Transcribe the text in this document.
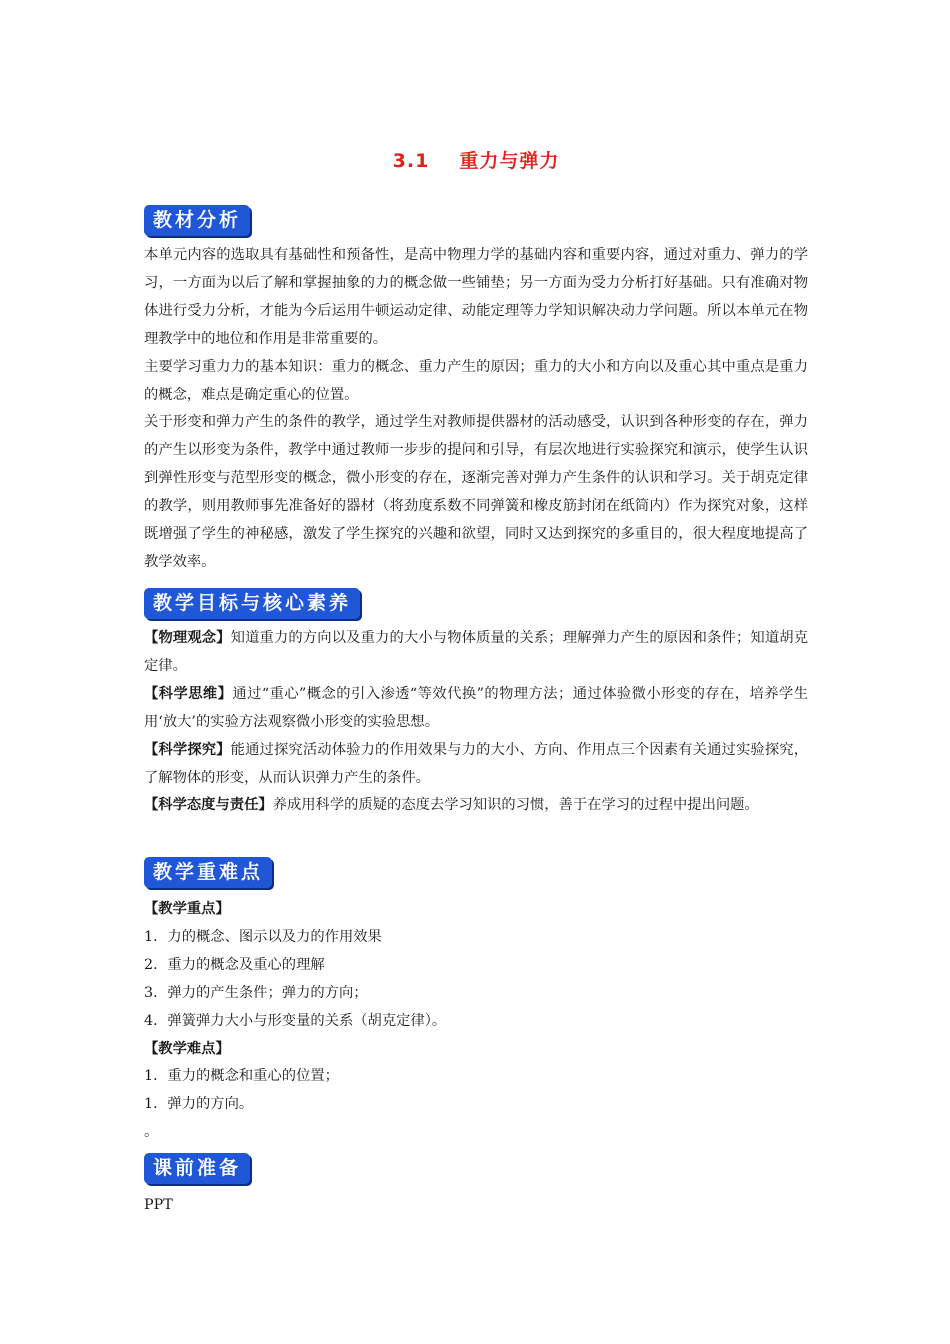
3.1 重力与弹力
教材分析

本单元内容的选取具有基础性和预备性，是高中物理力学的基础内容和重要内容，通过对重力、弹力的学习，一方面为以后了解和掌握抽象的力的概念做一些铺垫；另一方面为受力分析打好基础。只有准确对物体进行受力分析，才能为今后运用牛顿运动定律、动能定理等力学知识解决动力学问题。所以本单元在物理教学中的地位和作用是非常重要的。

主要学习重力力的基本知识：重力的概念、重力产生的原因；重力的大小和方向以及重心其中重点是重力的概念，难点是确定重心的位置。

关于形变和弹力产生的条件的教学，通过学生对教师提供器材的活动感受，认识到各种形变的存在，弹力的产生以形变为条件，教学中通过教师一步步的提问和引导，有层次地进行实验探究和演示，使学生认识到弹性形变与范型形变的概念，微小形变的存在，逐渐完善对弹力产生条件的认识和学习。关于胡克定律的教学，则用教师事先准备好的器材（将劲度系数不同弹簧和橡皮筋封闭在纸筒内）作为探究对象，这样既增强了学生的神秘感，激发了学生探究的兴趣和欲望，同时又达到探究的多重目的，很大程度地提高了教学效率。

教学目标与核心素养

【物理观念】知道重力的方向以及重力的大小与物体质量的关系；理解弹力产生的原因和条件；知道胡克定律。

【科学思维】通过“重心”概念的引入渗透“等效代换”的物理方法；通过体验微小形变的存在，培养学生用‘放大’的实验方法观察微小形变的实验思想。

【科学探究】能通过探究活动体验力的作用效果与力的大小、方向、作用点三个因素有关通过实验探究，了解物体的形变，从而认识弹力产生的条件。

【科学态度与责任】养成用科学的质疑的态度去学习知识的习惯，善于在学习的过程中提出问题。

教学重难点

【教学重点】

1．力的概念、图示以及力的作用效果

2．重力的概念及重心的理解

3．弹力的产生条件；弹力的方向；

4．弹簧弹力大小与形变量的关系（胡克定律）。

【教学难点】

1．重力的概念和重心的位置；

1．弹力的方向。

。

课前准备

PPT
